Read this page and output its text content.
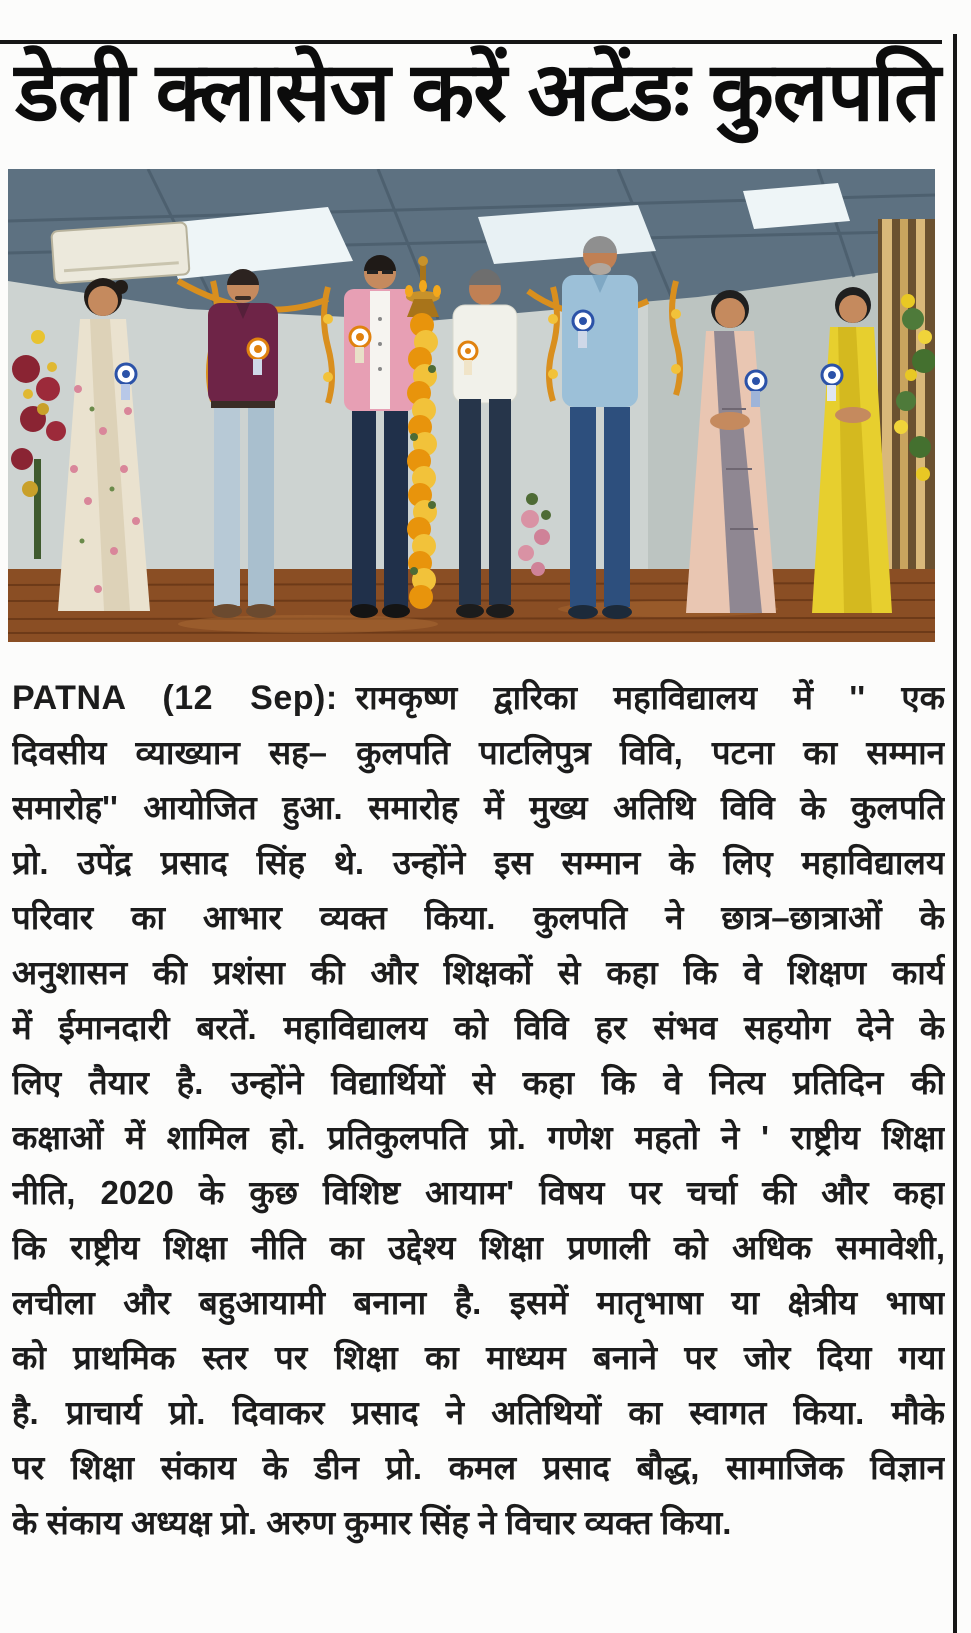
डेली क्लासेज करें अटेंडः कुलपति
PATNA (12 Sep): रामकृष्ण द्वारिका महाविद्यालय में '' एक
दिवसीय व्याख्यान सह– कुलपति पाटलिपुत्र विवि, पटना का सम्मान
समारोह'' आयोजित हुआ. समारोह में मुख्य अतिथि विवि के कुलपति
प्रो. उपेंद्र प्रसाद सिंह थे. उन्होंने इस सम्मान के लिए महाविद्यालय
परिवार का आभार व्यक्त किया. कुलपति ने छात्र–छात्राओं के
अनुशासन की प्रशंसा की और शिक्षकों से कहा कि वे शिक्षण कार्य
में ईमानदारी बरतें. महाविद्यालय को विवि हर संभव सहयोग देने के
लिए तैयार है. उन्होंने विद्यार्थियों से कहा कि वे नित्य प्रतिदिन की
कक्षाओं में शामिल हो. प्रतिकुलपति प्रो. गणेश महतो ने ' राष्ट्रीय शिक्षा
नीति, 2020 के कुछ विशिष्ट आयाम' विषय पर चर्चा की और कहा
कि राष्ट्रीय शिक्षा नीति का उद्देश्य शिक्षा प्रणाली को अधिक समावेशी,
लचीला और बहुआयामी बनाना है. इसमें मातृभाषा या क्षेत्रीय भाषा
को प्राथमिक स्तर पर शिक्षा का माध्यम बनाने पर जोर दिया गया
है. प्राचार्य प्रो. दिवाकर प्रसाद ने अतिथियों का स्वागत किया. मौके
पर शिक्षा संकाय के डीन प्रो. कमल प्रसाद बौद्ध, सामाजिक विज्ञान
के संकाय अध्यक्ष प्रो. अरुण कुमार सिंह ने विचार व्यक्त किया.
